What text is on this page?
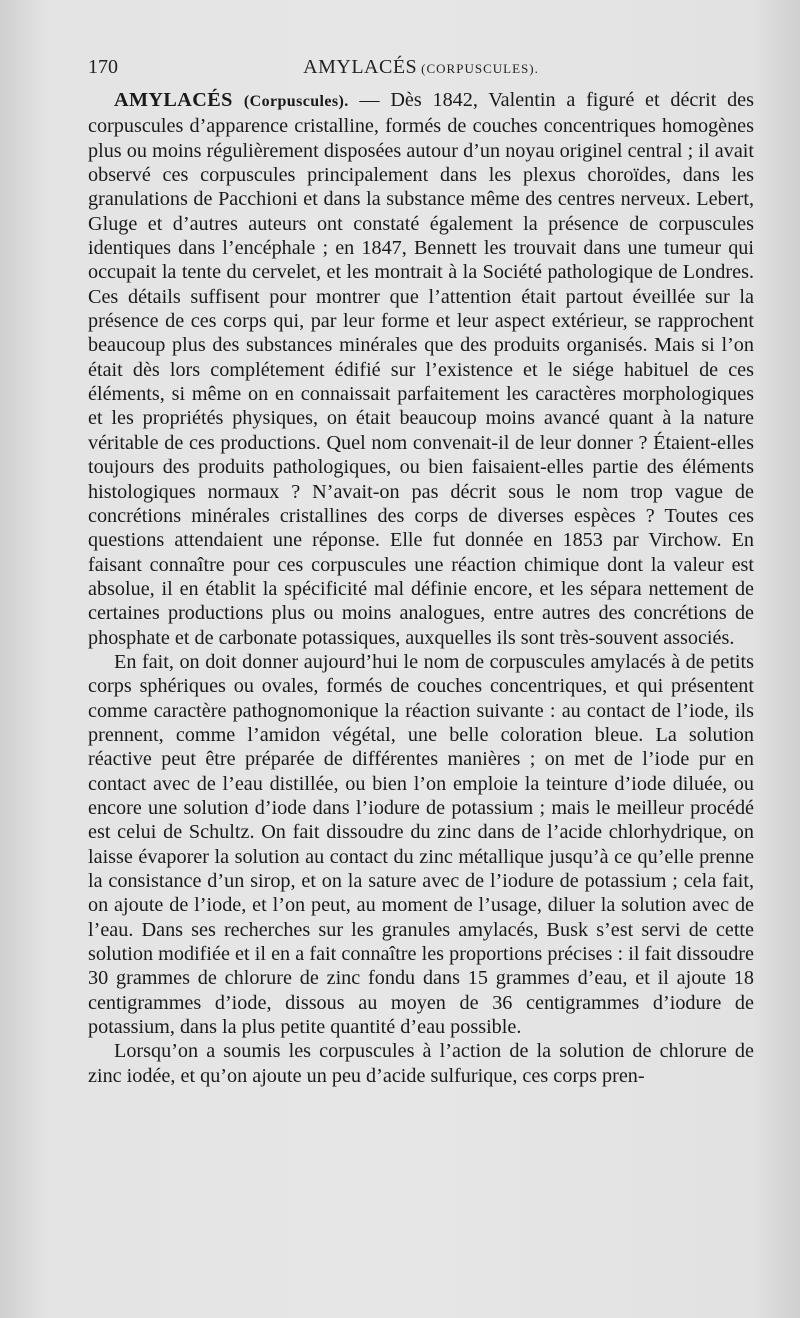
170	AMYLACÉS (CORPUSCULES).

AMYLACÉS (Corpuscules). — Dès 1842, Valentin a figuré et décrit des corpuscules d’apparence cristalline, formés de couches concentriques homogènes plus ou moins régulièrement disposées autour d’un noyau originel central ; il avait observé ces corpuscules principalement dans les plexus choroïdes, dans les granulations de Pacchioni et dans la substance même des centres nerveux. Lebert, Gluge et d’autres auteurs ont constaté également la présence de corpuscules identiques dans l’encéphale ; en 1847, Bennett les trouvait dans une tumeur qui occupait la tente du cervelet, et les montrait à la Société pathologique de Londres. Ces détails suffisent pour montrer que l’attention était partout éveillée sur la présence de ces corps qui, par leur forme et leur aspect extérieur, se rapprochent beaucoup plus des substances minérales que des produits organisés. Mais si l’on était dès lors complétement édifié sur l’existence et le siége habituel de ces éléments, si même on en connaissait parfaitement les caractères morphologiques et les propriétés physiques, on était beaucoup moins avancé quant à la nature véritable de ces productions. Quel nom convenait-il de leur donner ? Étaient-elles toujours des produits pathologiques, ou bien faisaient-elles partie des éléments histologiques normaux ? N’avait-on pas décrit sous le nom trop vague de concrétions minérales cristallines des corps de diverses espèces ? Toutes ces questions attendaient une réponse. Elle fut donnée en 1853 par Virchow. En faisant connaître pour ces corpuscules une réaction chimique dont la valeur est absolue, il en établit la spécificité mal définie encore, et les sépara nettement de certaines productions plus ou moins analogues, entre autres des concrétions de phosphate et de carbonate potassiques, auxquelles ils sont très-souvent associés.

En fait, on doit donner aujourd’hui le nom de corpuscules amylacés à de petits corps sphériques ou ovales, formés de couches concentriques, et qui présentent comme caractère pathognomonique la réaction suivante : au contact de l’iode, ils prennent, comme l’amidon végétal, une belle coloration bleue. La solution réactive peut être préparée de différentes manières ; on met de l’iode pur en contact avec de l’eau distillée, ou bien l’on emploie la teinture d’iode diluée, ou encore une solution d’iode dans l’iodure de potassium ; mais le meilleur procédé est celui de Schultz. On fait dissoudre du zinc dans de l’acide chlorhydrique, on laisse évaporer la solution au contact du zinc métallique jusqu’à ce qu’elle prenne la consistance d’un sirop, et on la sature avec de l’iodure de potassium ; cela fait, on ajoute de l’iode, et l’on peut, au moment de l’usage, diluer la solution avec de l’eau. Dans ses recherches sur les granules amylacés, Busk s’est servi de cette solution modifiée et il en a fait connaître les proportions précises : il fait dissoudre 30 grammes de chlorure de zinc fondu dans 15 grammes d’eau, et il ajoute 18 centigrammes d’iode, dissous au moyen de 36 centigrammes d’iodure de potassium, dans la plus petite quantité d’eau possible.

Lorsqu’on a soumis les corpuscules à l’action de la solution de chlorure de zinc iodée, et qu’on ajoute un peu d’acide sulfurique, ces corps pren-
